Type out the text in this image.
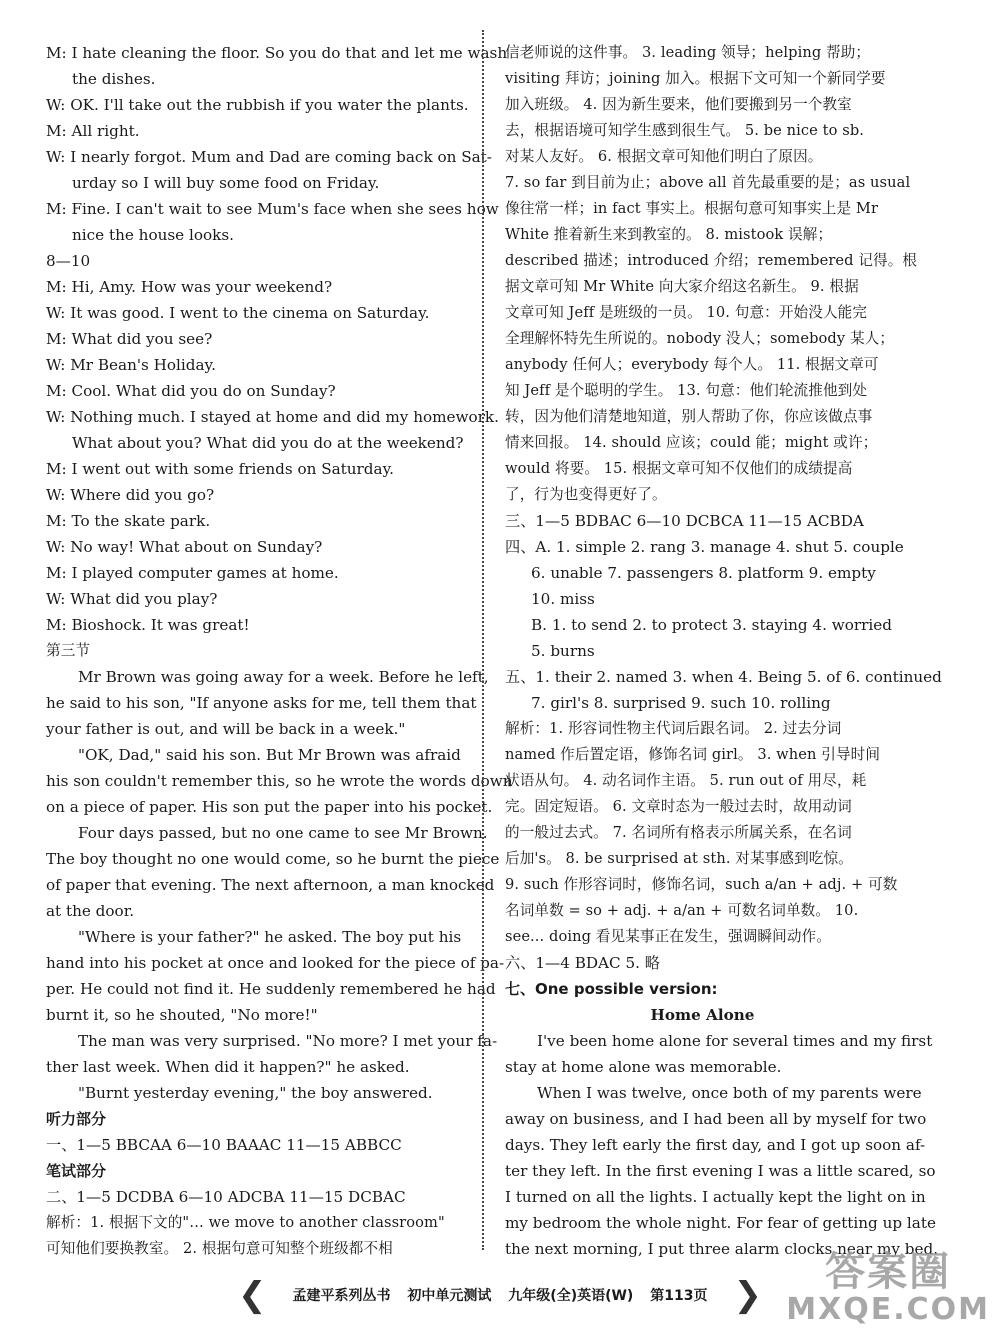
M: I hate cleaning the floor. So you do that and let me wash

the dishes.

W: OK. I'll take out the rubbish if you water the plants.

M: All right.

W: I nearly forgot. Mum and Dad are coming back on Sat-

urday so I will buy some food on Friday.

M: Fine. I can't wait to see Mum's face when she sees how

nice the house looks.

8—10

M: Hi, Amy. How was your weekend?

W: It was good. I went to the cinema on Saturday.

M: What did you see?

W: Mr Bean's Holiday.

M: Cool. What did you do on Sunday?

W: Nothing much. I stayed at home and did my homework.

What about you? What did you do at the weekend?

M: I went out with some friends on Saturday.

W: Where did you go?

M: To the skate park.

W: No way! What about on Sunday?

M: I played computer games at home.

W: What did you play?

M: Bioshock. It was great!

第三节

Mr Brown was going away for a week. Before he left,

he said to his son, "If anyone asks for me, tell them that

your father is out, and will be back in a week."

"OK, Dad," said his son. But Mr Brown was afraid

his son couldn't remember this, so he wrote the words down

on a piece of paper. His son put the paper into his pocket.

Four days passed, but no one came to see Mr Brown.

The boy thought no one would come, so he burnt the piece

of paper that evening. The next afternoon, a man knocked

at the door.

"Where is your father?" he asked. The boy put his

hand into his pocket at once and looked for the piece of pa-

per. He could not find it. He suddenly remembered he had

burnt it, so he shouted, "No more!"

The man was very surprised. "No more? I met your fa-

ther last week. When did it happen?" he asked.

"Burnt yesterday evening," the boy answered.

听力部分

一、1—5 BBCAA 6—10 BAAAC 11—15 ABBCC

笔试部分

二、1—5 DCDBA 6—10 ADCBA 11—15 DCBAC

解析：1. 根据下文的"… we move to another classroom"

可知他们要换教室。 2. 根据句意可知整个班级都不相

信老师说的这件事。 3. leading 领导；helping 帮助；

visiting 拜访；joining 加入。根据下文可知一个新同学要

加入班级。 4. 因为新生要来，他们要搬到另一个教室

去，根据语境可知学生感到很生气。 5. be nice to sb.

对某人友好。 6. 根据文章可知他们明白了原因。

7. so far 到目前为止；above all 首先最重要的是；as usual

像往常一样；in fact 事实上。根据句意可知事实上是 Mr

White 推着新生来到教室的。 8. mistook 误解；

described 描述；introduced 介绍；remembered 记得。根

据文章可知 Mr White 向大家介绍这名新生。 9. 根据

文章可知 Jeff 是班级的一员。 10. 句意：开始没人能完

全理解怀特先生所说的。nobody 没人；somebody 某人；

anybody 任何人；everybody 每个人。 11. 根据文章可

知 Jeff 是个聪明的学生。 13. 句意：他们轮流推他到处

转，因为他们清楚地知道，别人帮助了你，你应该做点事

情来回报。 14. should 应该；could 能；might 或许；

would 将要。 15. 根据文章可知不仅他们的成绩提高

了，行为也变得更好了。

三、1—5 BDBAC 6—10 DCBCA 11—15 ACBDA

四、A. 1. simple 2. rang 3. manage 4. shut 5. couple

6. unable 7. passengers 8. platform 9. empty

10. miss

B. 1. to send 2. to protect 3. staying 4. worried

5. burns

五、1. their 2. named 3. when 4. Being 5. of 6. continued

7. girl's 8. surprised 9. such 10. rolling

解析：1. 形容词性物主代词后跟名词。 2. 过去分词

named 作后置定语，修饰名词 girl。 3. when 引导时间

状语从句。 4. 动名词作主语。 5. run out of 用尽，耗

完。固定短语。 6. 文章时态为一般过去时，故用动词

的一般过去式。 7. 名词所有格表示所属关系，在名词

后加's。 8. be surprised at sth. 对某事感到吃惊。

9. such 作形容词时，修饰名词，such a/an + adj. + 可数

名词单数 = so + adj. + a/an + 可数名词单数。 10.

see... doing 看见某事正在发生，强调瞬间动作。

六、1—4 BDAC 5. 略

七、One possible version:

Home Alone

I've been home alone for several times and my first

stay at home alone was memorable.

When I was twelve, once both of my parents were

away on business, and I had been all by myself for two

days. They left early the first day, and I got up soon af-

ter they left. In the first evening I was a little scared, so

I turned on all the lights. I actually kept the light on in

my bedroom the whole night. For fear of getting up late

the next morning, I put three alarm clocks near my bed.

❮	孟建平系列丛书 初中单元测试 九年级(全)英语(W) 第113页 ❯	答案圈
MXQE.COM
